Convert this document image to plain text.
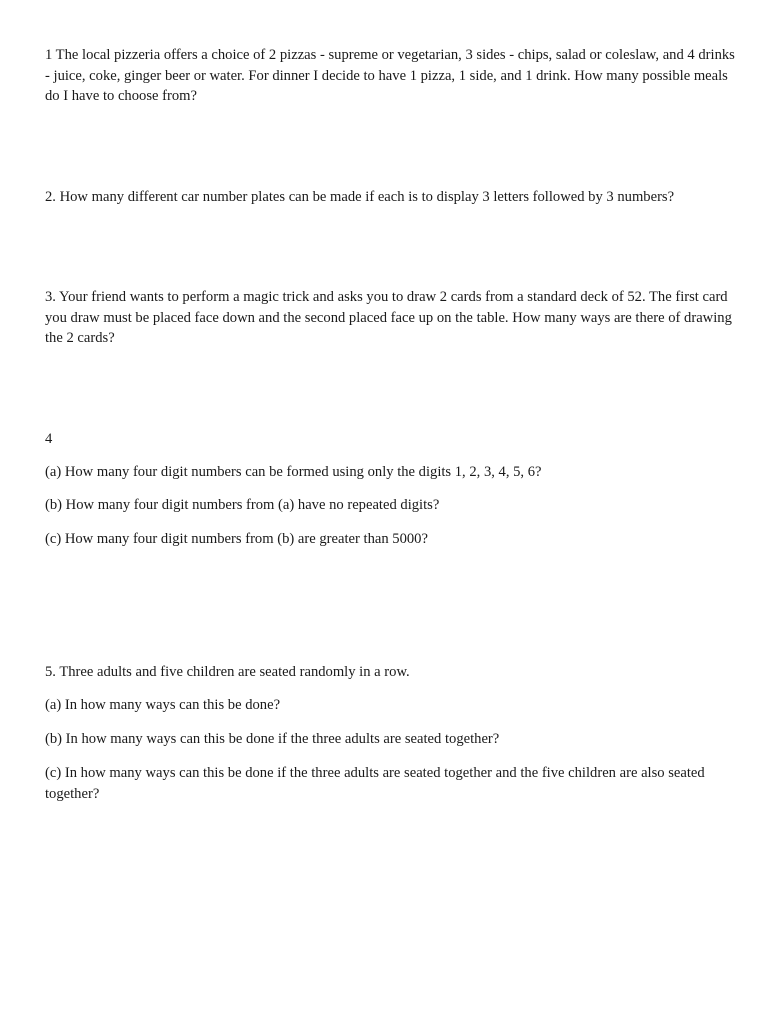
1 The local pizzeria offers a choice of 2 pizzas - supreme or vegetarian, 3 sides - chips, salad or coleslaw, and 4 drinks - juice, coke, ginger beer or water. For dinner I decide to have 1 pizza, 1 side, and 1 drink. How many possible meals do I have to choose from?

2. How many different car number plates can be made if each is to display 3 letters followed by 3 numbers?

3. Your friend wants to perform a magic trick and asks you to draw 2 cards from a standard deck of 52. The first card you draw must be placed face down and the second placed face up on the table. How many ways are there of drawing the 2 cards?

4

(a) How many four digit numbers can be formed using only the digits 1, 2, 3, 4, 5, 6?

(b) How many four digit numbers from (a) have no repeated digits?

(c) How many four digit numbers from (b) are greater than 5000?

5. Three adults and five children are seated randomly in a row.

(a) In how many ways can this be done?

(b) In how many ways can this be done if the three adults are seated together?

(c) In how many ways can this be done if the three adults are seated together and the five children are also seated together?
